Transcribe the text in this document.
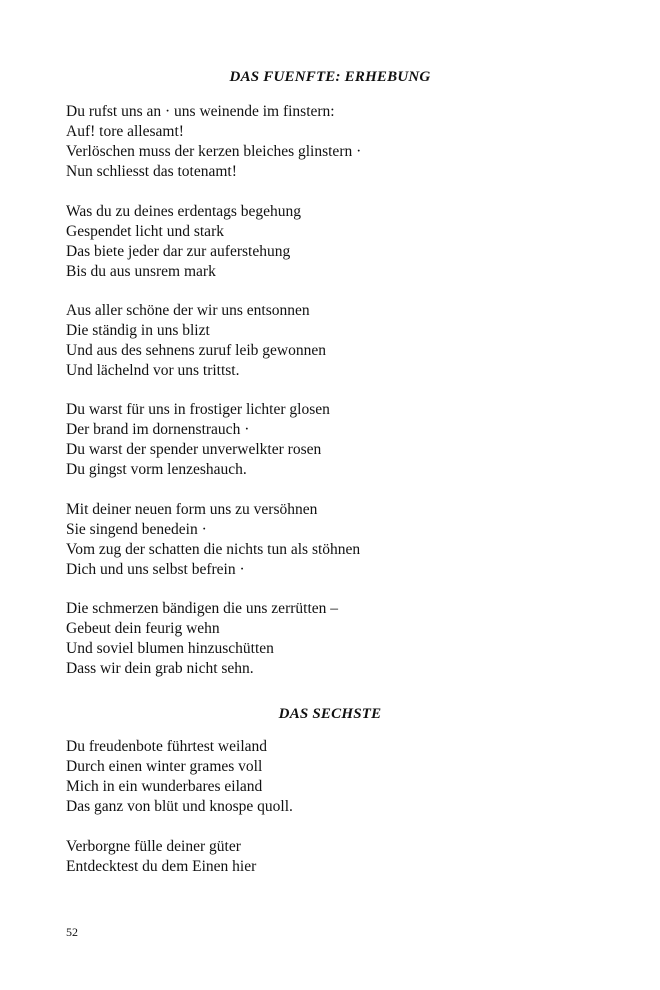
DAS FUENFTE: ERHEBUNG
Du rufst uns an · uns weinende im finstern:
Auf! tore allesamt!
Verlöschen muss der kerzen bleiches glinstern ·
Nun schliesst das totenamt!
Was du zu deines erdentags begehung
Gespendet licht und stark
Das biete jeder dar zur auferstehung
Bis du aus unsrem mark
Aus aller schöne der wir uns entsonnen
Die ständig in uns blizt
Und aus des sehnens zuruf leib gewonnen
Und lächelnd vor uns trittst.
Du warst für uns in frostiger lichter glosen
Der brand im dornenstrauch ·
Du warst der spender unverwelkter rosen
Du gingst vorm lenzeshauch.
Mit deiner neuen form uns zu versöhnen
Sie singend benedein ·
Vom zug der schatten die nichts tun als stöhnen
Dich und uns selbst befrein ·
Die schmerzen bändigen die uns zerrütten –
Gebeut dein feurig wehn
Und soviel blumen hinzuschütten
Dass wir dein grab nicht sehn.
DAS SECHSTE
Du freudenbote führtest weiland
Durch einen winter grames voll
Mich in ein wunderbares eiland
Das ganz von blüt und knospe quoll.
Verborgne fülle deiner güter
Entdecktest du dem Einen hier
52
